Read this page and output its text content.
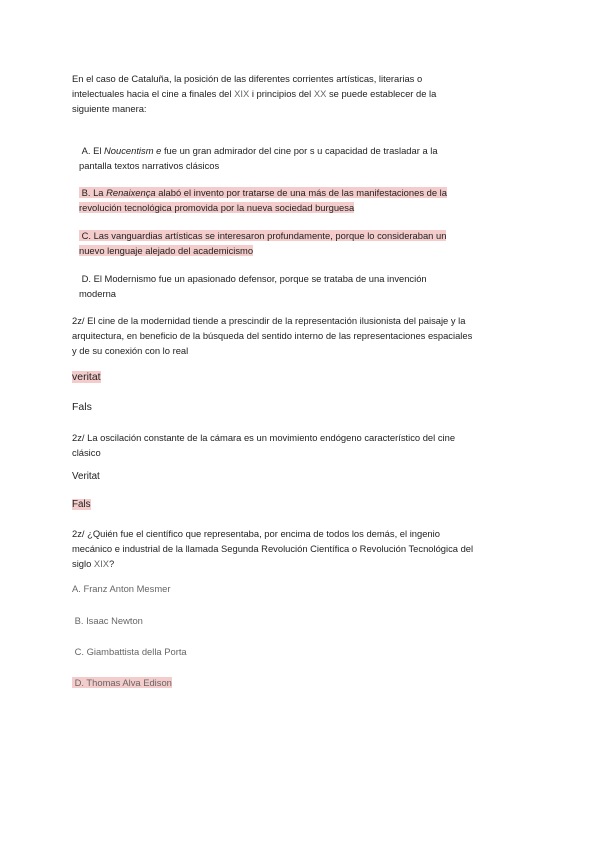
En el caso de Cataluña, la posición de las diferentes corrientes artísticas, literarias o
intelectuales hacia el cine a finales del XIX i principios del XX se puede establecer de la
siguiente manera:
A. El Noucentism e fue un gran admirador del cine por s u capacidad de trasladar a la
pantalla textos narrativos clásicos
B. La Renaixença alabó el invento por tratarse de una más de las manifestaciones de la
revolución tecnológica promovida por la nueva sociedad burguesa
C. Las vanguardias artísticas se interesaron profundamente, porque lo consideraban un
nuevo lenguaje alejado del academicismo
D. El Modernismo fue un apasionado defensor, porque se trataba de una invención
moderna
2z/ El cine de la modernidad tiende a prescindir de la representación ilusionista del paisaje y la
arquitectura, en beneficio de la búsqueda del sentido interno de las representaciones espaciales
y de su conexión con lo real
veritat
Fals
2z/ La oscilación constante de la cámara es un movimiento endógeno característico del cine
clásico
Veritat
Fals
2z/ ¿Quién fue el científico que representaba, por encima de todos los demás, el ingenio
mecánico e industrial de la llamada Segunda Revolución Científica o Revolución Tecnológica del
siglo XIX?
A. Franz Anton Mesmer
B. Isaac Newton
C. Giambattista della Porta
D. Thomas Alva Edison
